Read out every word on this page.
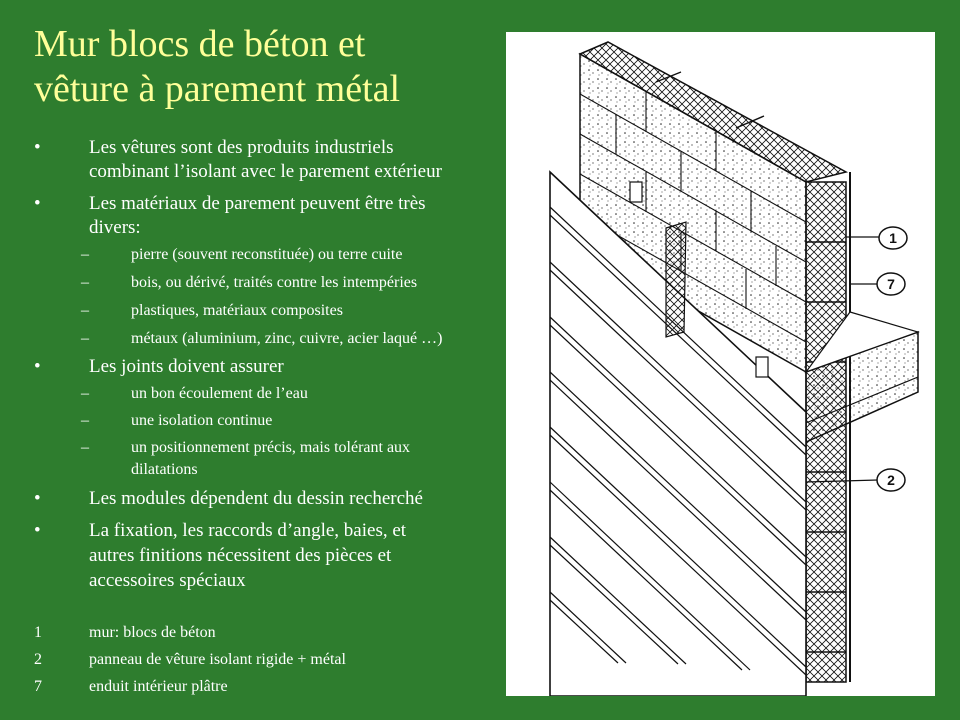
Mur blocs de béton et
vêture à parement métal
•	Les vêtures sont des produits industriels
combinant l’isolant avec le parement extérieur
•	Les matériaux de parement peuvent être très
divers:
–	pierre (souvent reconstituée) ou terre cuite
–	bois, ou dérivé, traités contre les intempéries
–	plastiques, matériaux composites
–	métaux (aluminium, zinc, cuivre, acier laqué …)
•	Les joints doivent assurer
–	un bon écoulement de l’eau
–	une isolation continue
–	un positionnement précis, mais tolérant aux
dilatations
•	Les modules dépendent du dessin recherché
•	La fixation, les raccords d’angle, baies, et
autres finitions nécessitent des pièces et
accessoires spéciaux
1	mur: blocs de béton
2	panneau de vêture isolant rigide + métal
7	enduit intérieur plâtre
1
7
2
